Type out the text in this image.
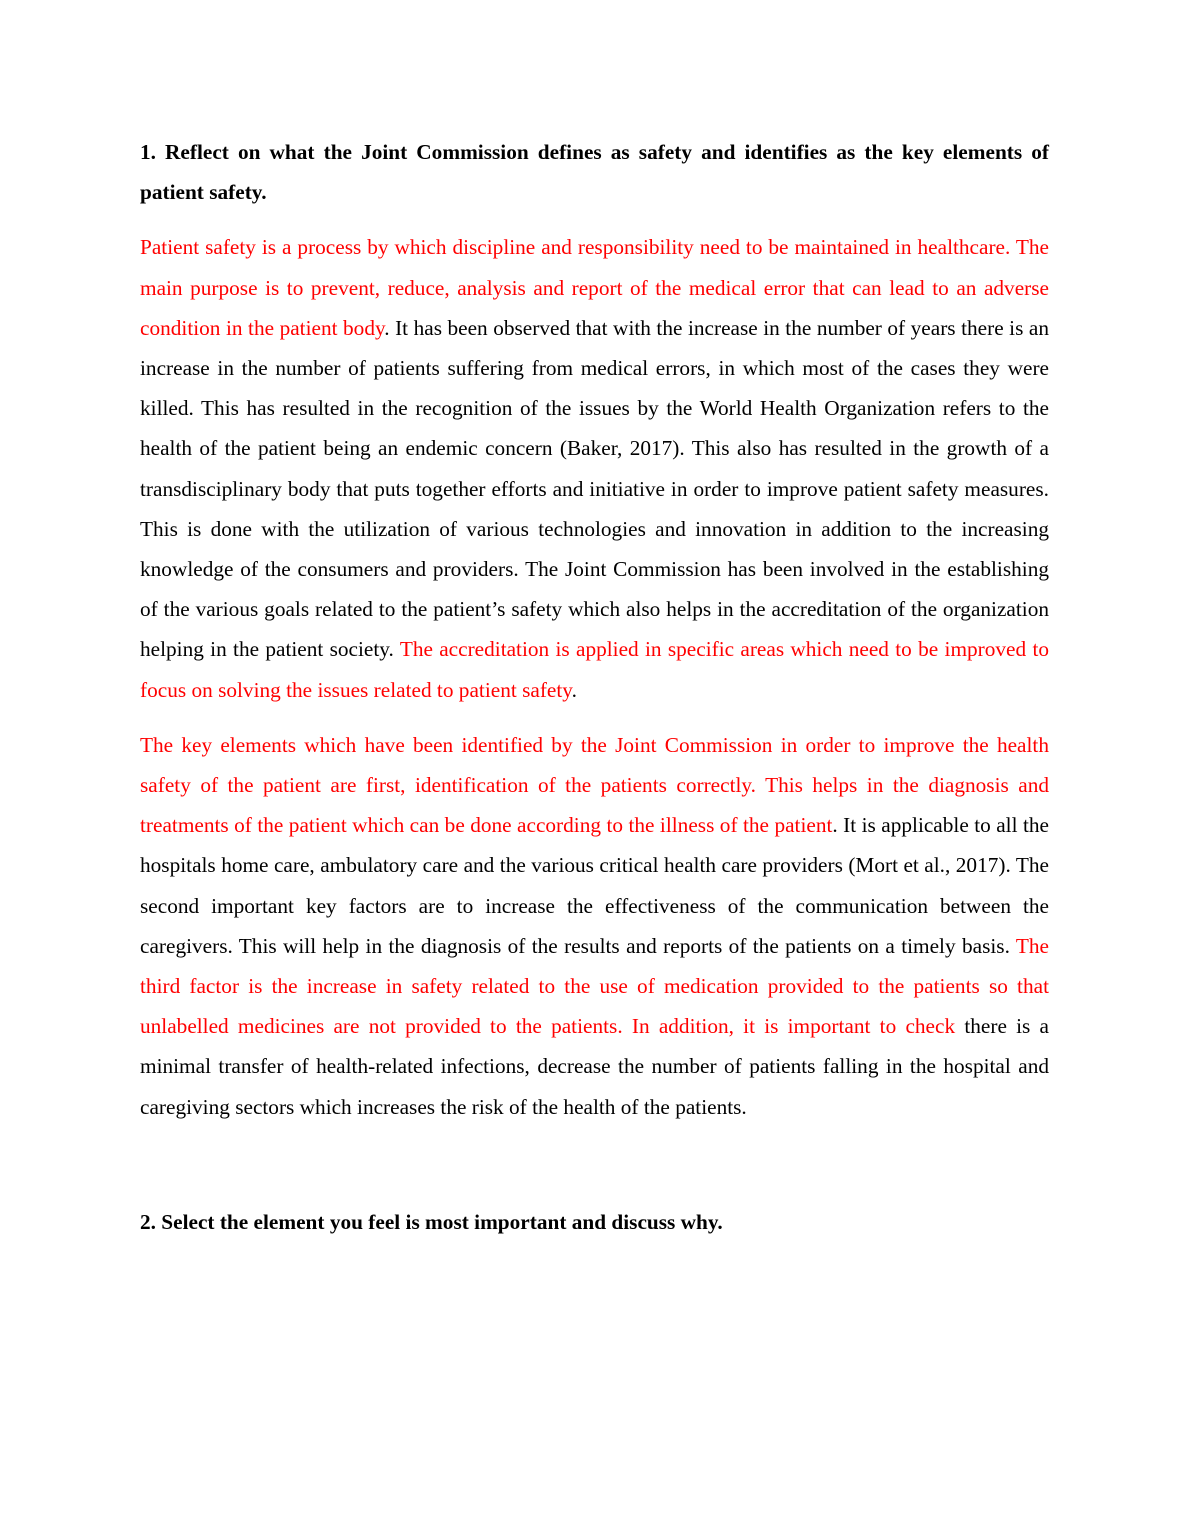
1. Reflect on what the Joint Commission defines as safety and identifies as the key elements of patient safety.

Patient safety is a process by which discipline and responsibility need to be maintained in healthcare. The main purpose is to prevent, reduce, analysis and report of the medical error that can lead to an adverse condition in the patient body. It has been observed that with the increase in the number of years there is an increase in the number of patients suffering from medical errors, in which most of the cases they were killed. This has resulted in the recognition of the issues by the World Health Organization refers to the health of the patient being an endemic concern (Baker, 2017). This also has resulted in the growth of a transdisciplinary body that puts together efforts and initiative in order to improve patient safety measures. This is done with the utilization of various technologies and innovation in addition to the increasing knowledge of the consumers and providers. The Joint Commission has been involved in the establishing of the various goals related to the patient’s safety which also helps in the accreditation of the organization helping in the patient society. The accreditation is applied in specific areas which need to be improved to focus on solving the issues related to patient safety.

The key elements which have been identified by the Joint Commission in order to improve the health safety of the patient are first, identification of the patients correctly. This helps in the diagnosis and treatments of the patient which can be done according to the illness of the patient. It is applicable to all the hospitals home care, ambulatory care and the various critical health care providers (Mort et al., 2017). The second important key factors are to increase the effectiveness of the communication between the caregivers. This will help in the diagnosis of the results and reports of the patients on a timely basis. The third factor is the increase in safety related to the use of medication provided to the patients so that unlabelled medicines are not provided to the patients. In addition, it is important to check there is a minimal transfer of health-related infections, decrease the number of patients falling in the hospital and caregiving sectors which increases the risk of the health of the patients.

2. Select the element you feel is most important and discuss why.
